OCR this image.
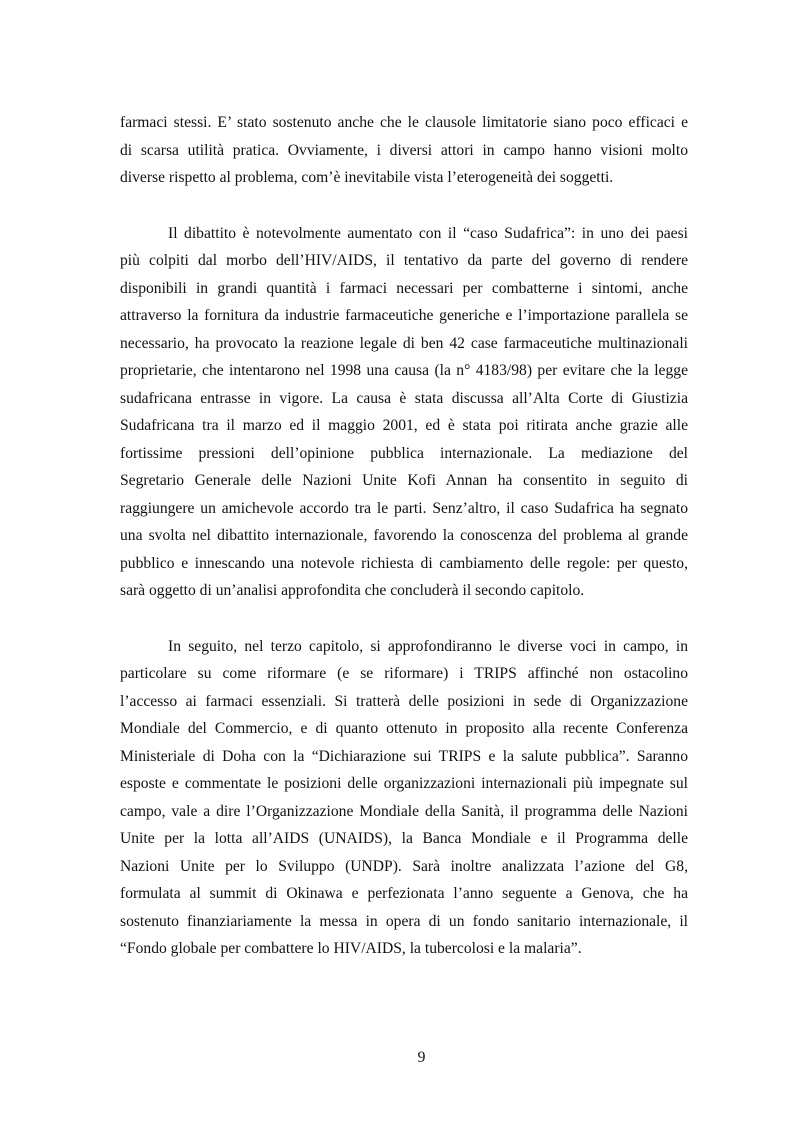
farmaci stessi. E’ stato sostenuto anche che le clausole limitatorie siano poco efficaci e
di scarsa utilità pratica. Ovviamente, i diversi attori in campo hanno visioni molto
diverse rispetto al problema, com’è inevitabile vista l’eterogeneità dei soggetti.

Il dibattito è notevolmente aumentato con il “caso Sudafrica”: in uno dei paesi
più colpiti dal morbo dell’HIV/AIDS, il tentativo da parte del governo di rendere
disponibili in grandi quantità i farmaci necessari per combatterne i sintomi, anche
attraverso la fornitura da industrie farmaceutiche generiche e l’importazione parallela se
necessario, ha provocato la reazione legale di ben 42 case farmaceutiche multinazionali
proprietarie, che intentarono nel 1998 una causa (la n° 4183/98) per evitare che la legge
sudafricana entrasse in vigore. La causa è stata discussa all’Alta Corte di Giustizia
Sudafricana tra il marzo ed il maggio 2001, ed è stata poi ritirata anche grazie alle
fortissime pressioni dell’opinione pubblica internazionale. La mediazione del
Segretario Generale delle Nazioni Unite Kofi Annan ha consentito in seguito di
raggiungere un amichevole accordo tra le parti. Senz’altro, il caso Sudafrica ha segnato
una svolta nel dibattito internazionale, favorendo la conoscenza del problema al grande
pubblico e innescando una notevole richiesta di cambiamento delle regole: per questo,
sarà oggetto di un’analisi approfondita che concluderà il secondo capitolo.

In seguito, nel terzo capitolo, si approfondiranno le diverse voci in campo, in
particolare su come riformare (e se riformare) i TRIPS affinché non ostacolino
l’accesso ai farmaci essenziali. Si tratterà delle posizioni in sede di Organizzazione
Mondiale del Commercio, e di quanto ottenuto in proposito alla recente Conferenza
Ministeriale di Doha con la “Dichiarazione sui TRIPS e la salute pubblica”. Saranno
esposte e commentate le posizioni delle organizzazioni internazionali più impegnate sul
campo, vale a dire l’Organizzazione Mondiale della Sanità, il programma delle Nazioni
Unite per la lotta all’AIDS (UNAIDS), la Banca Mondiale e il Programma delle
Nazioni Unite per lo Sviluppo (UNDP). Sarà inoltre analizzata l’azione del G8,
formulata al summit di Okinawa e perfezionata l’anno seguente a Genova, che ha
sostenuto finanziariamente la messa in opera di un fondo sanitario internazionale, il
“Fondo globale per combattere lo HIV/AIDS, la tubercolosi e la malaria”.

9
